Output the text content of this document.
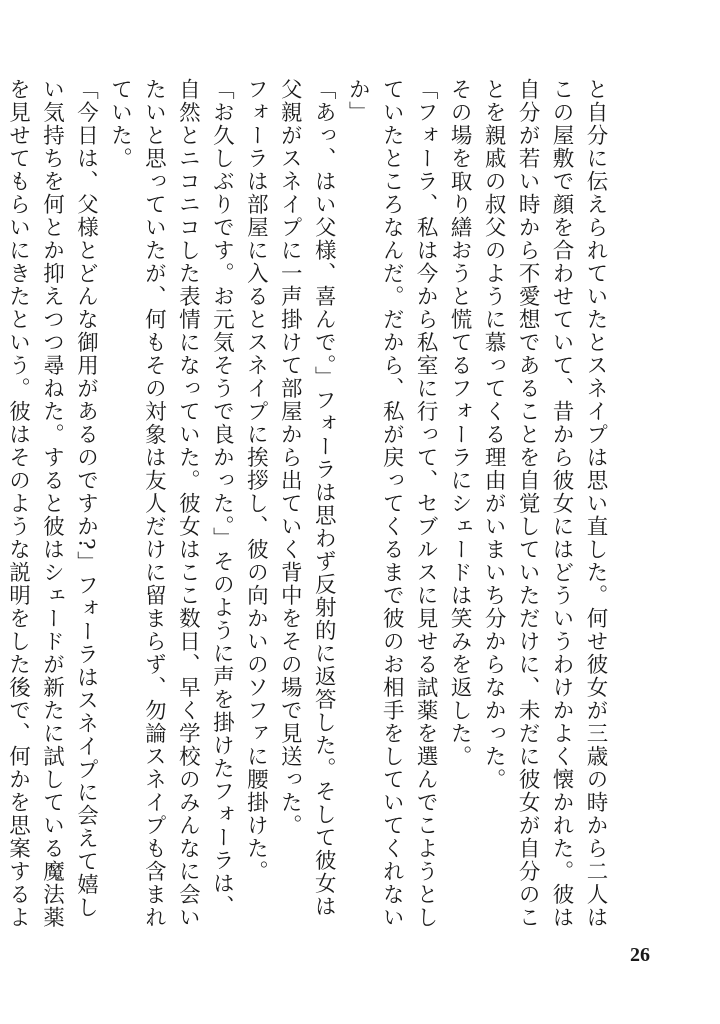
と自分に伝えられていたとスネイプは思い直した。何せ彼女が三歳の時から二人はこの屋敷で顔を合わせていて、昔から彼女にはどういうわけかよく懐かれた。彼は自分が若い時から不愛想であることを自覚していただけに、未だに彼女が自分のことを親戚の叔父のように慕ってくる理由がいまいち分からなかった。

その場を取り繕おうと慌てるフォーラにシェードは笑みを返した。

「フォーラ、私は今から私室に行って、セブルスに見せる試薬を選んでこようとしていたところなんだ。だから、私が戻ってくるまで彼のお相手をしていてくれないか」

「あっ、はい父様、喜んで。」フォーラは思わず反射的に返答した。そして彼女は父親がスネイプに一声掛けて部屋から出ていく背中をその場で見送った。

フォーラは部屋に入るとスネイプに挨拶し、彼の向かいのソファに腰掛けた。

「お久しぶりです。お元気そうで良かった。」そのように声を掛けたフォーラは、自然とニコニコした表情になっていた。彼女はここ数日、早く学校のみんなに会いたいと思っていたが、何もその対象は友人だけに留まらず、勿論スネイプも含まれていた。

「今日は、父様とどんな御用があるのですか?」フォーラはスネイプに会えて嬉しい気持ちを何とか抑えつつ尋ねた。すると彼はシェードが新たに試している魔法薬を見せてもらいにきたという。彼はそのような説明をした後で、何かを思案するよ

26
